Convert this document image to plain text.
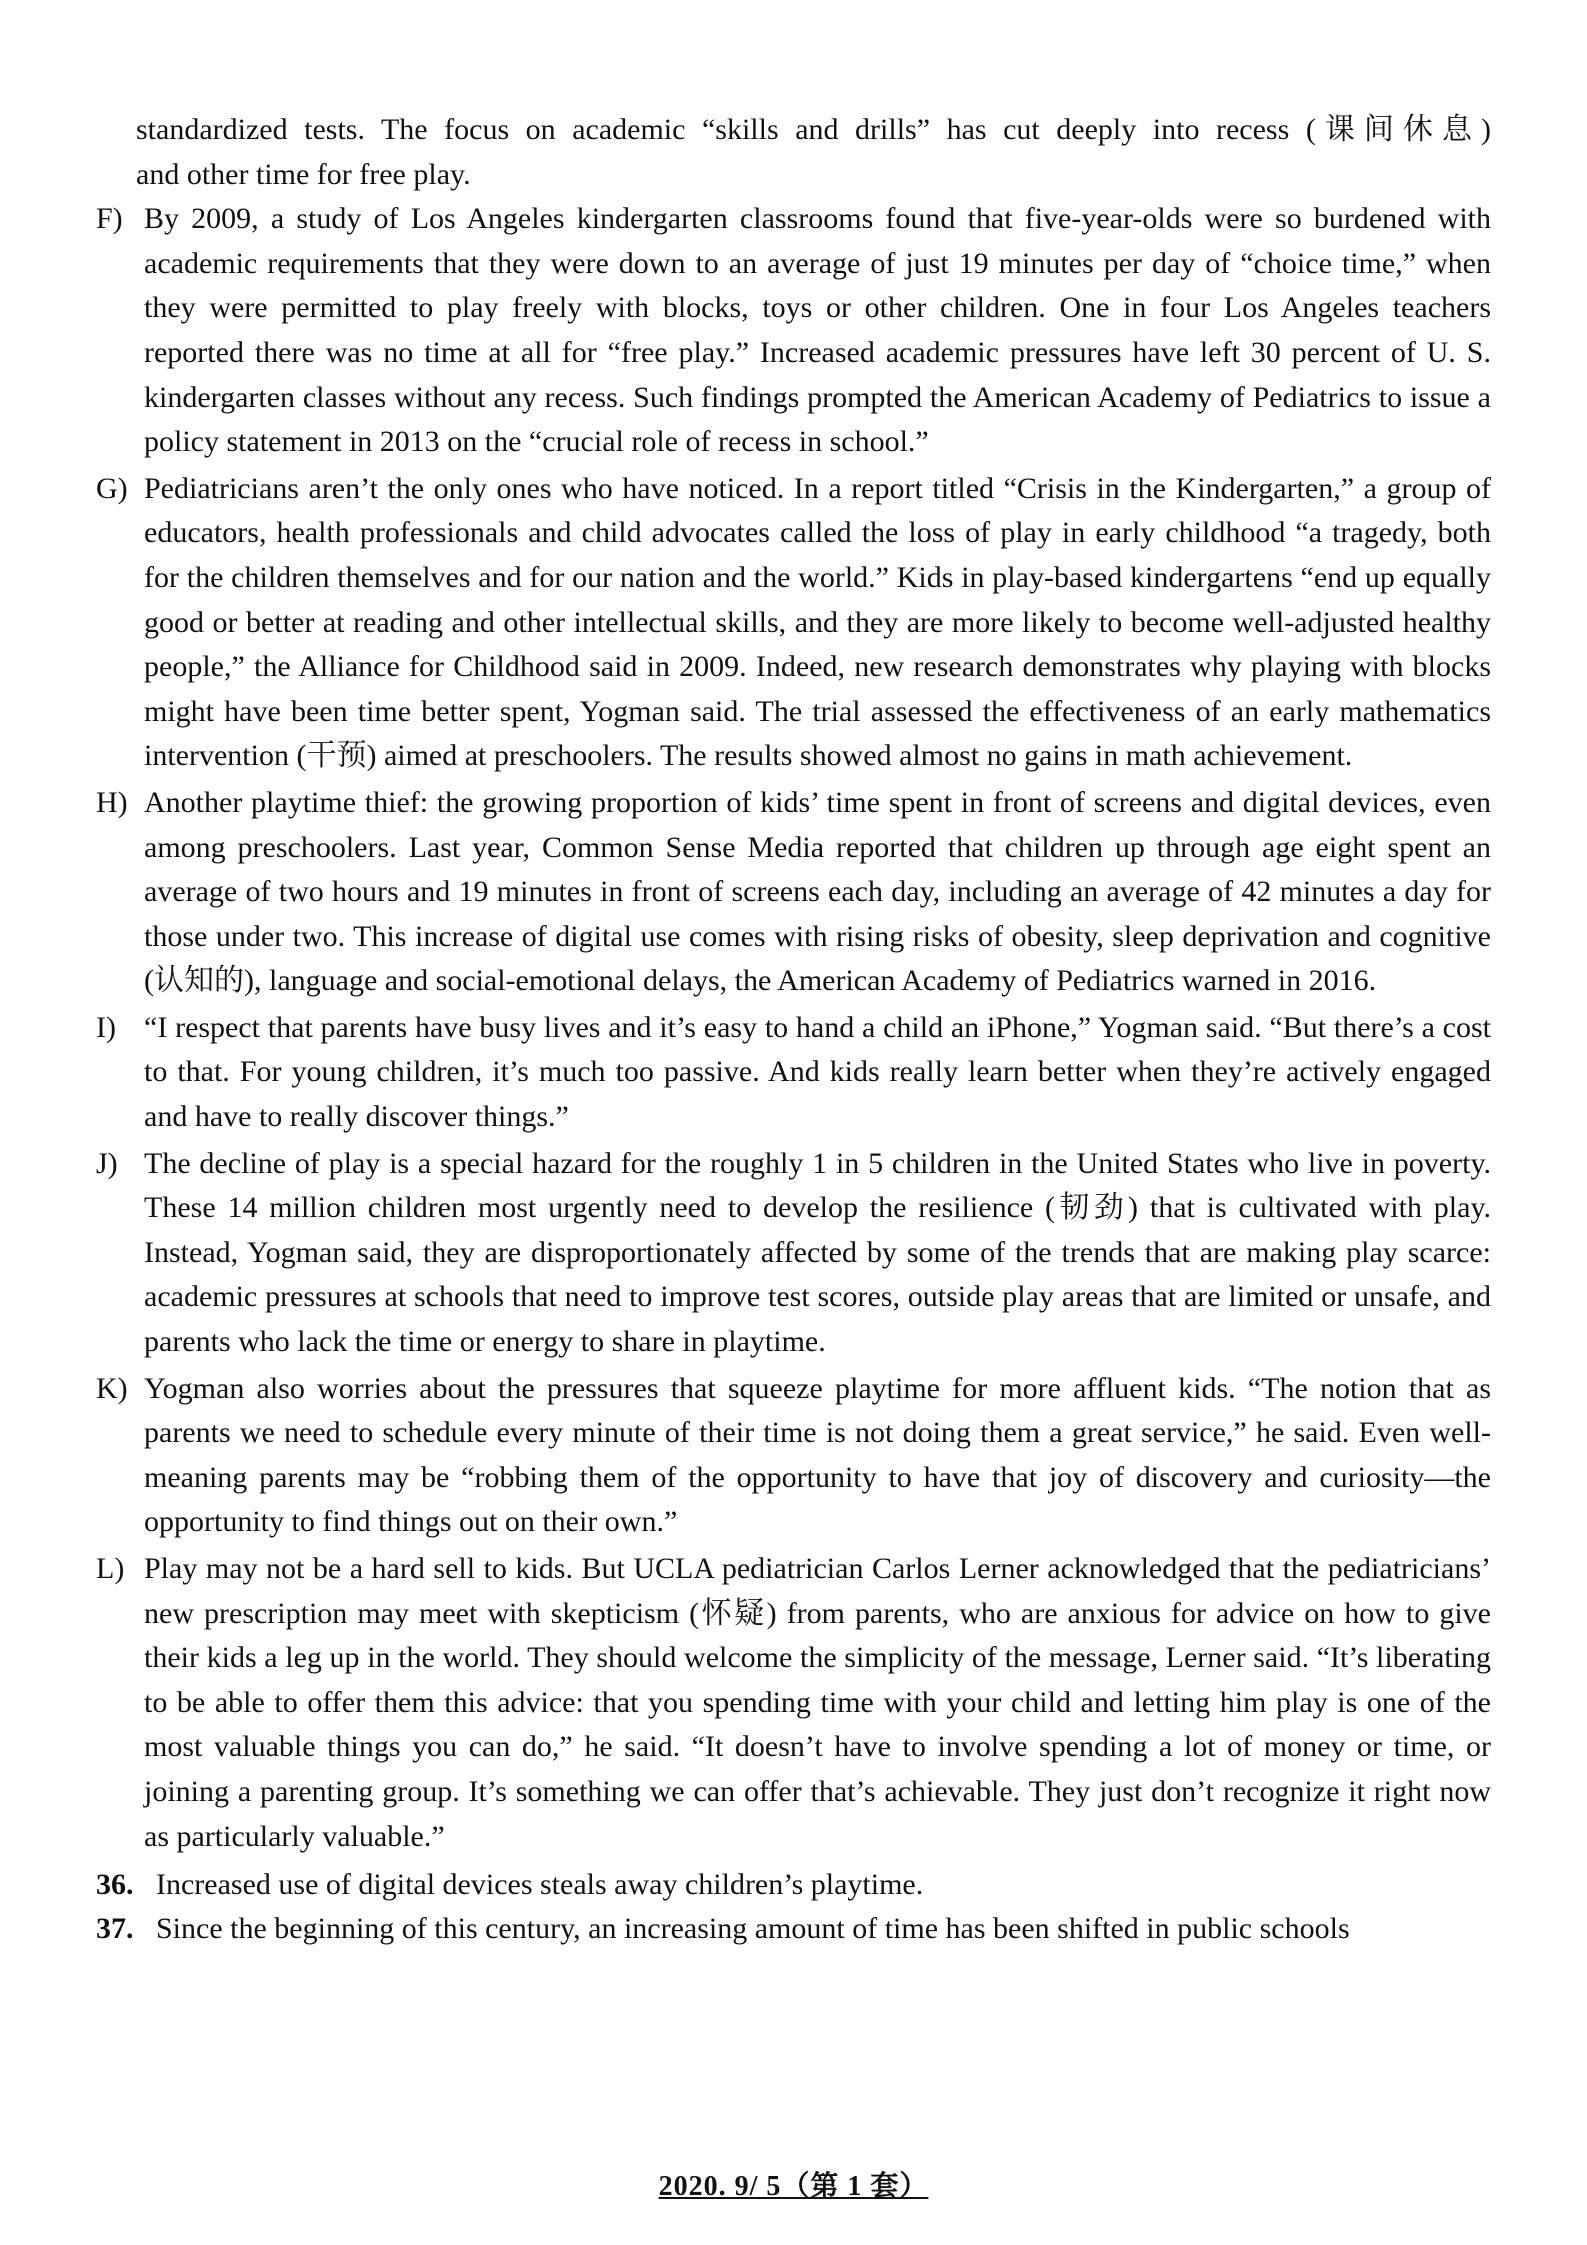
standardized tests. The focus on academic “skills and drills” has cut deeply into recess (课间休息)
and other time for free play.
F) By 2009, a study of Los Angeles kindergarten classrooms found that five-year-olds were so burdened with academic requirements that they were down to an average of just 19 minutes per day of “choice time,” when they were permitted to play freely with blocks, toys or other children. One in four Los Angeles teachers reported there was no time at all for “free play.” Increased academic pressures have left 30 percent of U. S. kindergarten classes without any recess. Such findings prompted the American Academy of Pediatrics to issue a policy statement in 2013 on the “crucial role of recess in school.”
G) Pediatricians aren’t the only ones who have noticed. In a report titled “Crisis in the Kindergarten,” a group of educators, health professionals and child advocates called the loss of play in early childhood “a tragedy, both for the children themselves and for our nation and the world.” Kids in play-based kindergartens “end up equally good or better at reading and other intellectual skills, and they are more likely to become well-adjusted healthy people,” the Alliance for Childhood said in 2009. Indeed, new research demonstrates why playing with blocks might have been time better spent, Yogman said. The trial assessed the effectiveness of an early mathematics intervention (干预) aimed at preschoolers. The results showed almost no gains in math achievement.
H) Another playtime thief: the growing proportion of kids’ time spent in front of screens and digital devices, even among preschoolers. Last year, Common Sense Media reported that children up through age eight spent an average of two hours and 19 minutes in front of screens each day, including an average of 42 minutes a day for those under two. This increase of digital use comes with rising risks of obesity, sleep deprivation and cognitive (认知的), language and social-emotional delays, the American Academy of Pediatrics warned in 2016.
I) “I respect that parents have busy lives and it’s easy to hand a child an iPhone,” Yogman said. “But there’s a cost to that. For young children, it’s much too passive. And kids really learn better when they’re actively engaged and have to really discover things.”
J) The decline of play is a special hazard for the roughly 1 in 5 children in the United States who live in poverty. These 14 million children most urgently need to develop the resilience (韧劲) that is cultivated with play. Instead, Yogman said, they are disproportionately affected by some of the trends that are making play scarce: academic pressures at schools that need to improve test scores, outside play areas that are limited or unsafe, and parents who lack the time or energy to share in playtime.
K) Yogman also worries about the pressures that squeeze playtime for more affluent kids. “The notion that as parents we need to schedule every minute of their time is not doing them a great service,” he said. Even well-meaning parents may be “robbing them of the opportunity to have that joy of discovery and curiosity—the opportunity to find things out on their own.”
L) Play may not be a hard sell to kids. But UCLA pediatrician Carlos Lerner acknowledged that the pediatricians’ new prescription may meet with skepticism (怀疑) from parents, who are anxious for advice on how to give their kids a leg up in the world. They should welcome the simplicity of the message, Lerner said. “It’s liberating to be able to offer them this advice: that you spending time with your child and letting him play is one of the most valuable things you can do,” he said. “It doesn’t have to involve spending a lot of money or time, or joining a parenting group. It’s something we can offer that’s achievable. They just don’t recognize it right now as particularly valuable.”
36. Increased use of digital devices steals away children’s playtime.
37. Since the beginning of this century, an increasing amount of time has been shifted in public schools
2020. 9/ 5（第 1 套）
